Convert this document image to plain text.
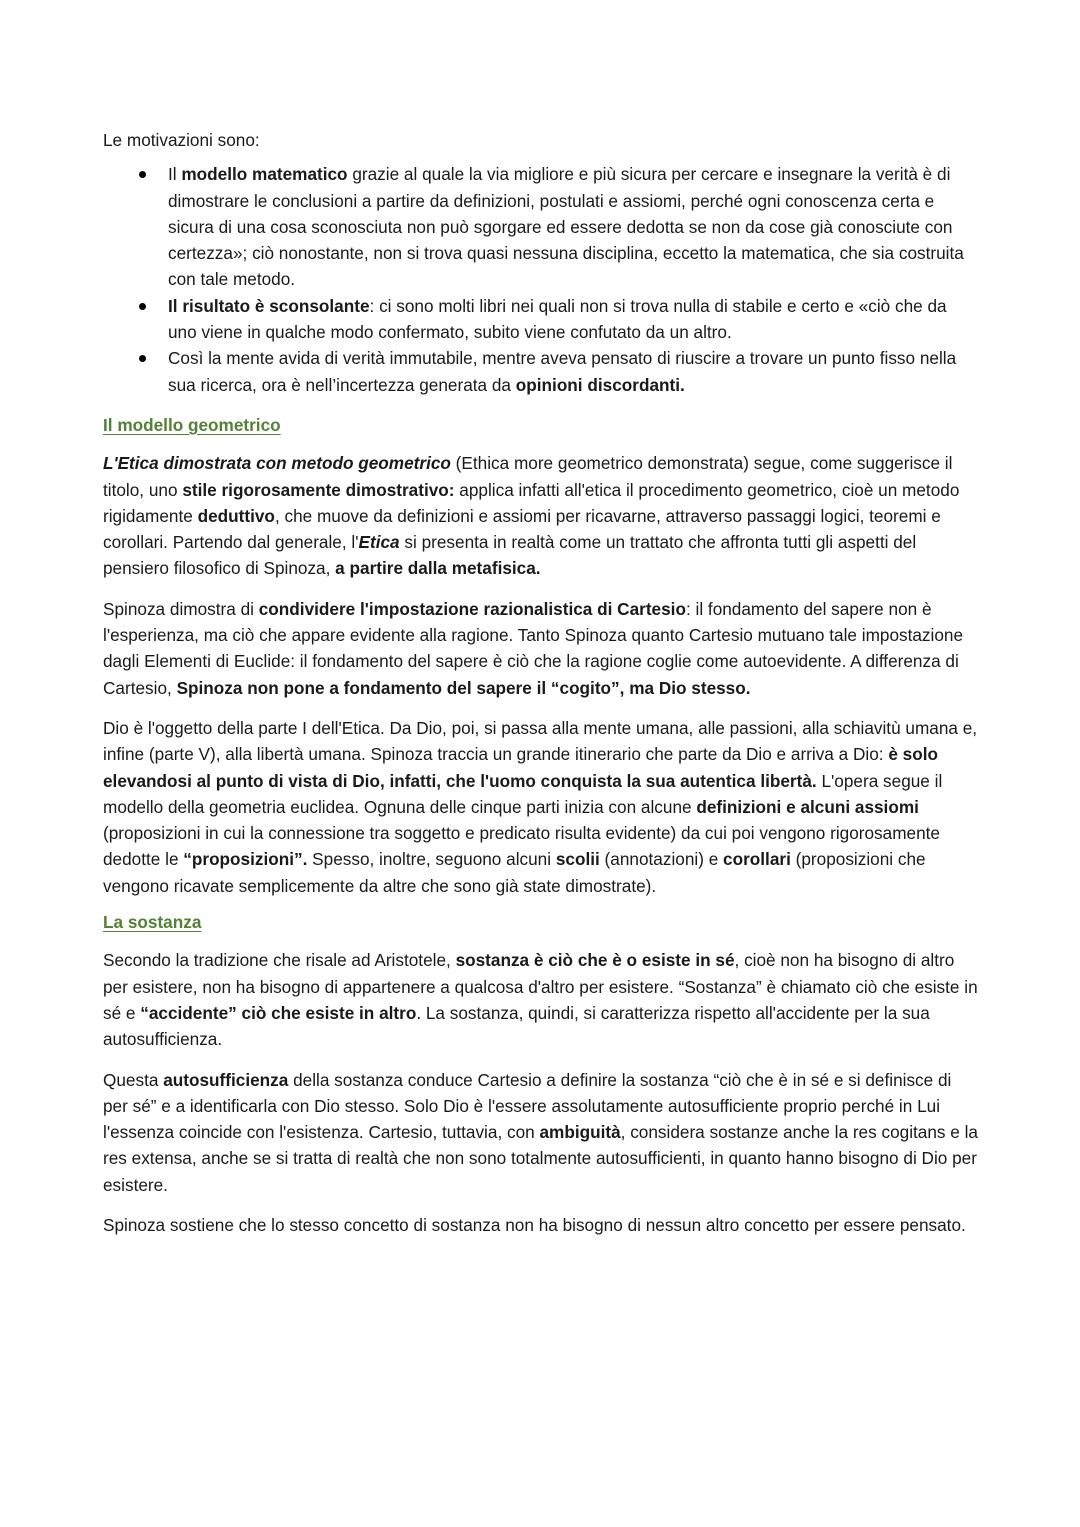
Le motivazioni sono:

Il modello matematico grazie al quale la via migliore e più sicura per cercare e insegnare la verità è di dimostrare le conclusioni a partire da definizioni, postulati e assiomi, perché ogni conoscenza certa e sicura di una cosa sconosciuta non può sgorgare ed essere dedotta se non da cose già conosciute con certezza»; ciò nonostante, non si trova quasi nessuna disciplina, eccetto la matematica, che sia costruita con tale metodo.
Il risultato è sconsolante: ci sono molti libri nei quali non si trova nulla di stabile e certo e «ciò che da uno viene in qualche modo confermato, subito viene confutato da un altro.
Così la mente avida di verità immutabile, mentre aveva pensato di riuscire a trovare un punto fisso nella sua ricerca, ora è nell’incertezza generata da opinioni discordanti.

Il modello geometrico

L'Etica dimostrata con metodo geometrico (Ethica more geometrico demonstrata) segue, come suggerisce il titolo, uno stile rigorosamente dimostrativo: applica infatti all'etica il procedimento geometrico, cioè un metodo rigidamente deduttivo, che muove da definizioni e assiomi per ricavarne, attraverso passaggi logici, teoremi e corollari. Partendo dal generale, l'Etica si presenta in realtà come un trattato che affronta tutti gli aspetti del pensiero filosofico di Spinoza, a partire dalla metafisica.

Spinoza dimostra di condividere l'impostazione razionalistica di Cartesio: il fondamento del sapere non è l'esperienza, ma ciò che appare evidente alla ragione. Tanto Spinoza quanto Cartesio mutuano tale impostazione dagli Elementi di Euclide: il fondamento del sapere è ciò che la ragione coglie come autoevidente. A differenza di Cartesio, Spinoza non pone a fondamento del sapere il “cogito”, ma Dio stesso.

Dio è l'oggetto della parte I dell'Etica. Da Dio, poi, si passa alla mente umana, alle passioni, alla schiavitù umana e, infine (parte V), alla libertà umana. Spinoza traccia un grande itinerario che parte da Dio e arriva a Dio: è solo elevandosi al punto di vista di Dio, infatti, che l'uomo conquista la sua autentica libertà. L'opera segue il modello della geometria euclidea. Ognuna delle cinque parti inizia con alcune definizioni e alcuni assiomi (proposizioni in cui la connessione tra soggetto e predicato risulta evidente) da cui poi vengono rigorosamente dedotte le “proposizioni”. Spesso, inoltre, seguono alcuni scolii (annotazioni) e corollari (proposizioni che vengono ricavate semplicemente da altre che sono già state dimostrate).

La sostanza

Secondo la tradizione che risale ad Aristotele, sostanza è ciò che è o esiste in sé, cioè non ha bisogno di altro per esistere, non ha bisogno di appartenere a qualcosa d'altro per esistere. “Sostanza” è chiamato ciò che esiste in sé e “accidente” ciò che esiste in altro. La sostanza, quindi, si caratterizza rispetto all'accidente per la sua autosufficienza.

Questa autosufficienza della sostanza conduce Cartesio a definire la sostanza “ciò che è in sé e si definisce di per sé” e a identificarla con Dio stesso. Solo Dio è l'essere assolutamente autosufficiente proprio perché in Lui l'essenza coincide con l'esistenza. Cartesio, tuttavia, con ambiguità, considera sostanze anche la res cogitans e la res extensa, anche se si tratta di realtà che non sono totalmente autosufficienti, in quanto hanno bisogno di Dio per esistere.

Spinoza sostiene che lo stesso concetto di sostanza non ha bisogno di nessun altro concetto per essere pensato.
